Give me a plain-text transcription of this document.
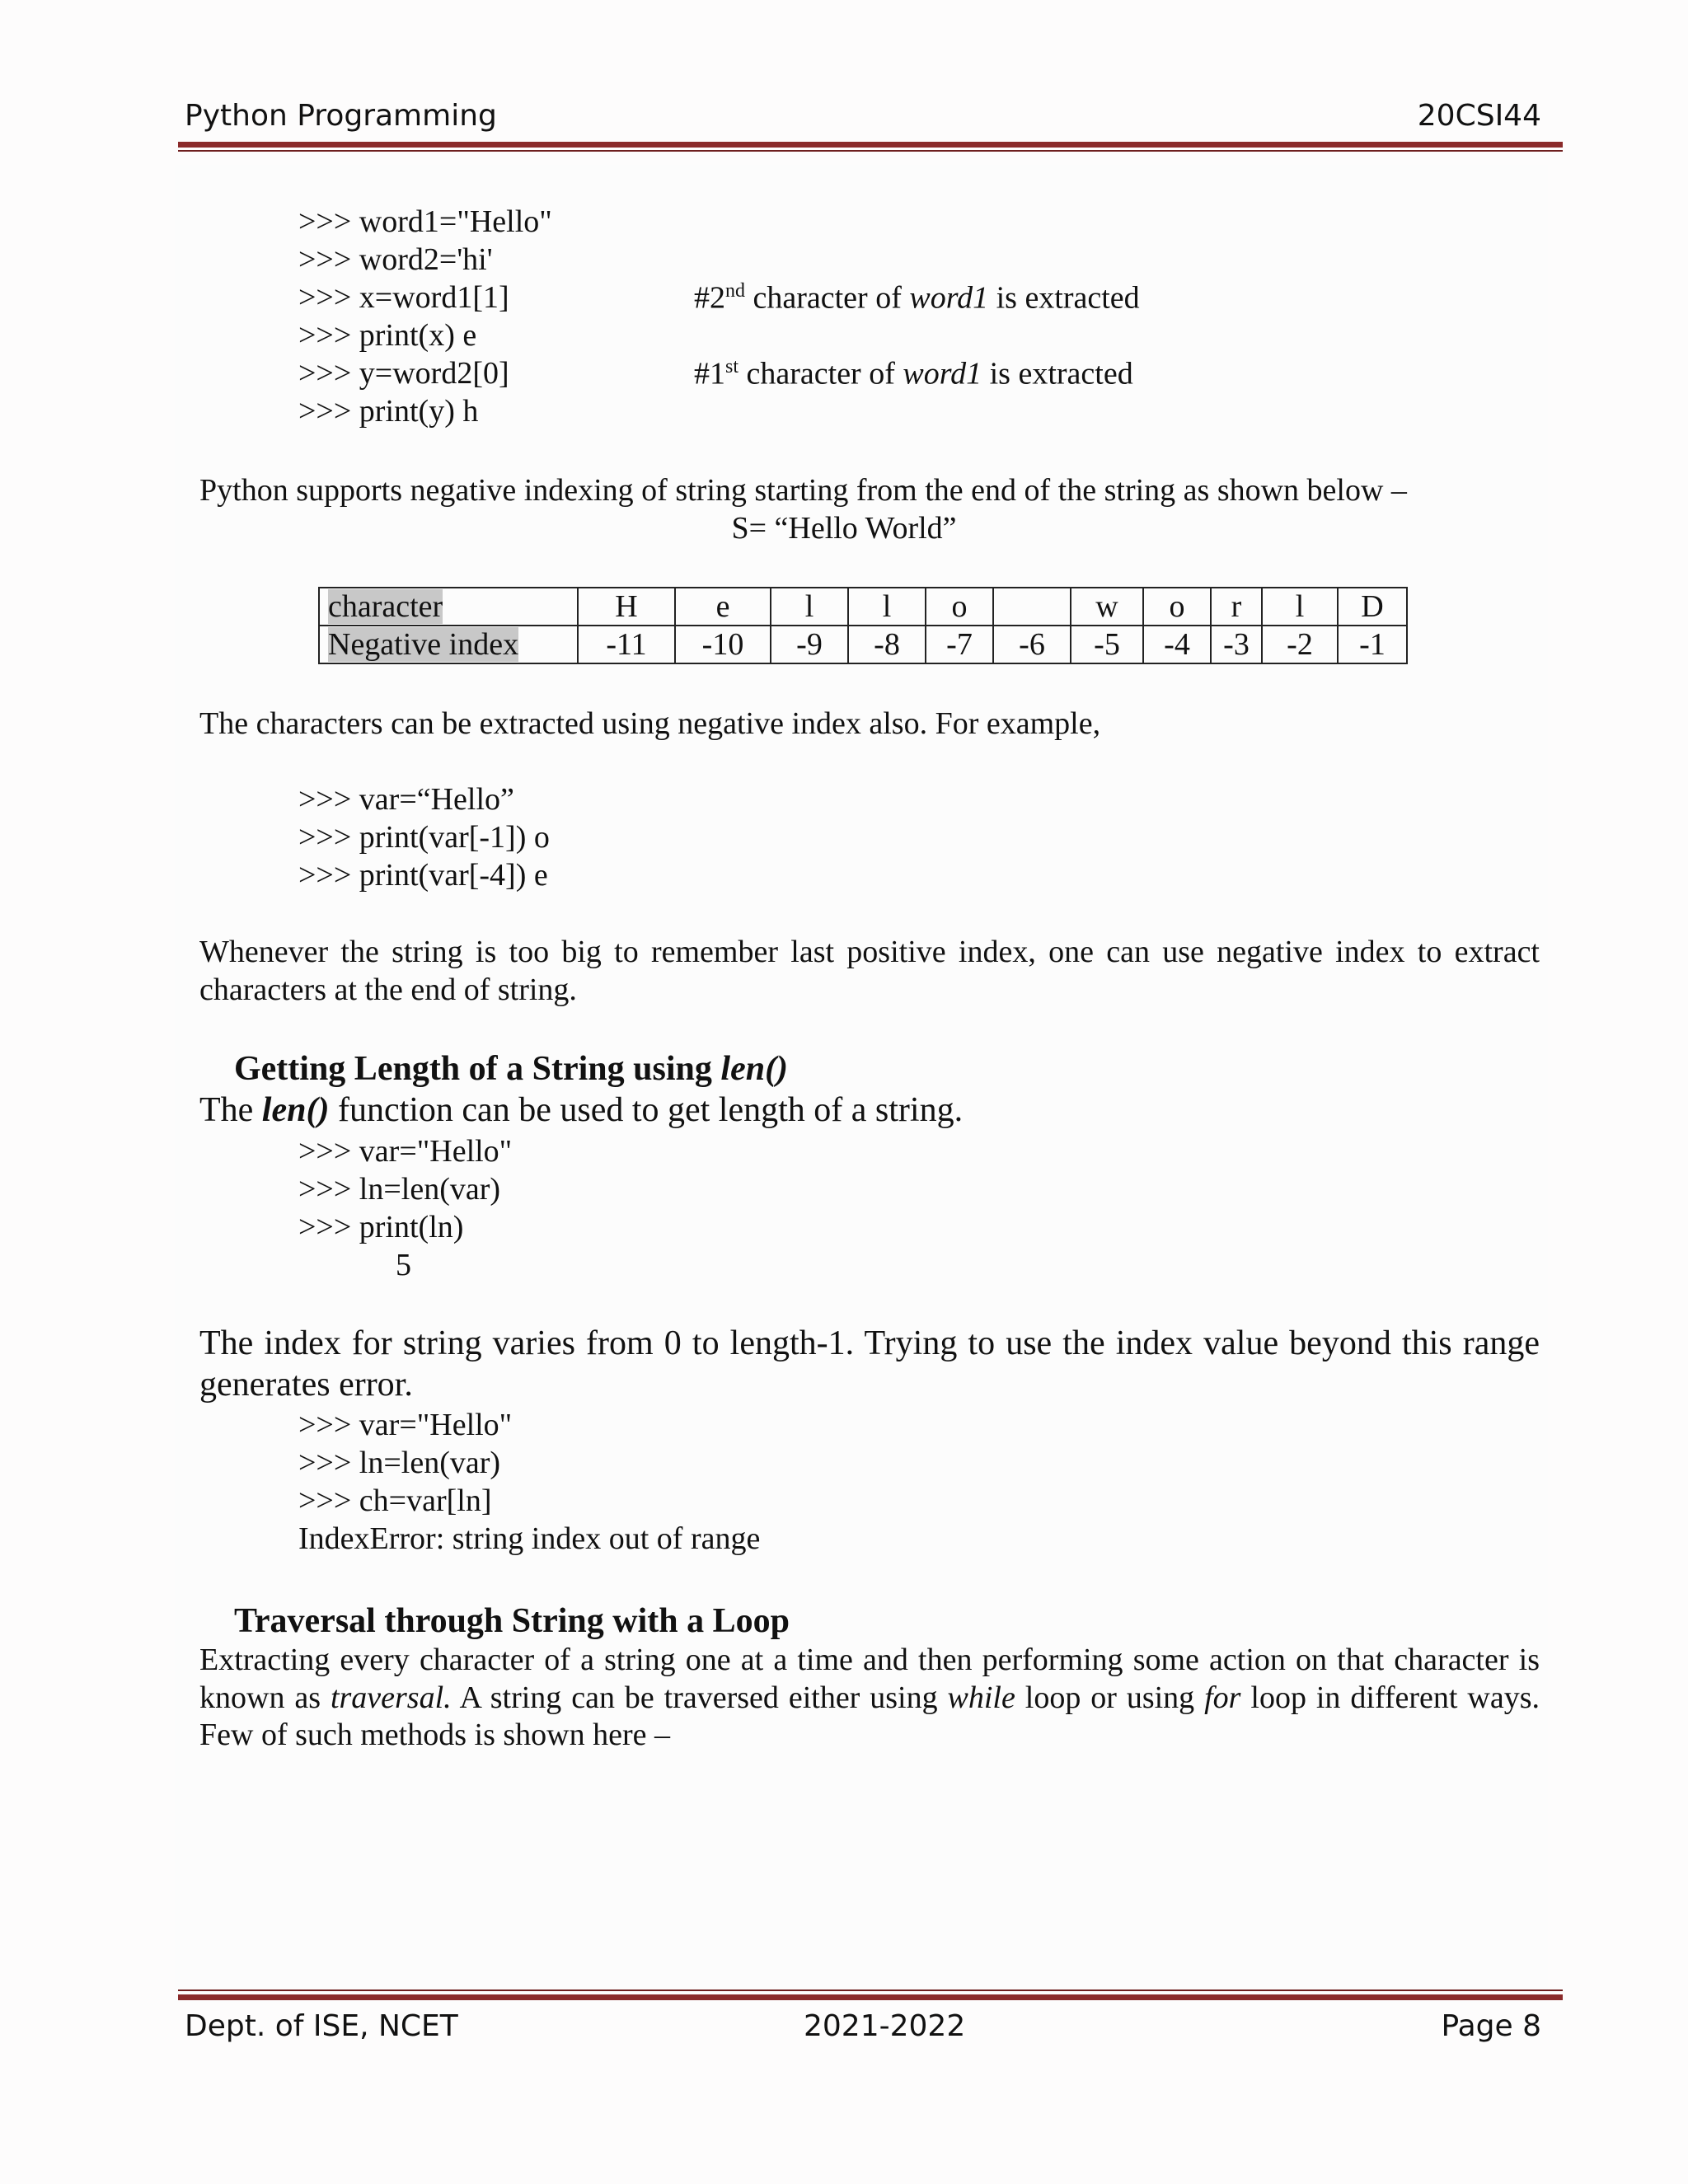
Python Programming	20CSI44
>>> word1="Hello"
>>> word2='hi'
>>> x=word1[1]
>>> print(x) e
>>> y=word2[0]
>>> print(y) h
#2nd character of word1 is extracted
#1st character of word1 is extracted
Python supports negative indexing of string starting from the end of the string as shown below –
S= “Hello World”
character	H	e	l	l	o		w	o	r	l	D
Negative index	-11	-10	-9	-8	-7	-6	-5	-4	-3	-2	-1
The characters can be extracted using negative index also. For example,
>>> var=“Hello”
>>> print(var[-1]) o
>>> print(var[-4]) e
Whenever the string is too big to remember last positive index, one can use negative index to extract characters at the end of string.
Getting Length of a String using len()
The len() function can be used to get length of a string.
>>> var="Hello"
>>> ln=len(var)
>>> print(ln)
5
The index for string varies from 0 to length-1. Trying to use the index value beyond this range generates error.
>>> var="Hello"
>>> ln=len(var)
>>> ch=var[ln]
IndexError: string index out of range
Traversal through String with a Loop
Extracting every character of a string one at a time and then performing some action on that character is known as traversal. A string can be traversed either using while loop or using for loop in different ways. Few of such methods is shown here –
Dept. of ISE, NCET	2021-2022	Page 8
